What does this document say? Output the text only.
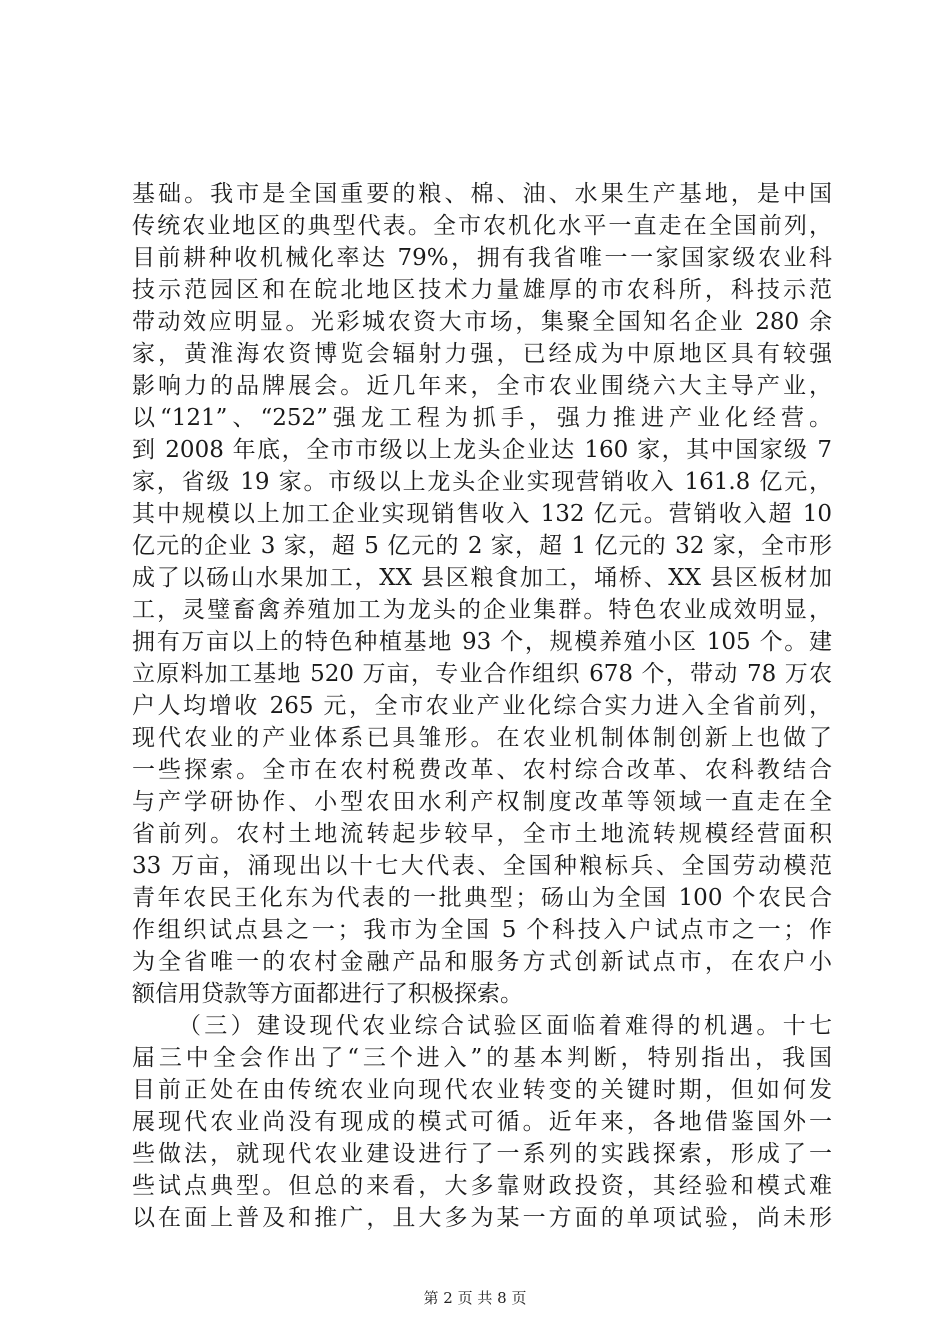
基础。我市是全国重要的粮、棉、油、水果生产基地，是中国
传统农业地区的典型代表。全市农机化水平一直走在全国前列，
目前耕种收机械化率达 79%，拥有我省唯一一家国家级农业科
技示范园区和在皖北地区技术力量雄厚的市农科所，科技示范
带动效应明显。光彩城农资大市场，集聚全国知名企业 280 余
家，黄淮海农资博览会辐射力强，已经成为中原地区具有较强
影响力的品牌展会。近几年来，全市农业围绕六大主导产业，
以“121”、“252”强龙工程为抓手，强力推进产业化经营。
到 2008 年底，全市市级以上龙头企业达 160 家，其中国家级 7
家，省级 19 家。市级以上龙头企业实现营销收入 161.8 亿元，
其中规模以上加工企业实现销售收入 132 亿元。营销收入超 10
亿元的企业 3 家，超 5 亿元的 2 家，超 1 亿元的 32 家，全市形
成了以砀山水果加工，XX 县区粮食加工，埇桥、XX 县区板材加
工，灵璧畜禽养殖加工为龙头的企业集群。特色农业成效明显，
拥有万亩以上的特色种植基地 93 个，规模养殖小区 105 个。建
立原料加工基地 520 万亩，专业合作组织 678 个，带动 78 万农
户人均增收 265 元，全市农业产业化综合实力进入全省前列，
现代农业的产业体系已具雏形。在农业机制体制创新上也做了
一些探索。全市在农村税费改革、农村综合改革、农科教结合
与产学研协作、小型农田水利产权制度改革等领域一直走在全
省前列。农村土地流转起步较早，全市土地流转规模经营面积
33 万亩，涌现出以十七大代表、全国种粮标兵、全国劳动模范
青年农民王化东为代表的一批典型；砀山为全国 100 个农民合
作组织试点县之一；我市为全国 5 个科技入户试点市之一；作
为全省唯一的农村金融产品和服务方式创新试点市，在农户小
额信用贷款等方面都进行了积极探索。
（三）建设现代农业综合试验区面临着难得的机遇。十七
届三中全会作出了“三个进入”的基本判断，特别指出，我国
目前正处在由传统农业向现代农业转变的关键时期，但如何发
展现代农业尚没有现成的模式可循。近年来，各地借鉴国外一
些做法，就现代农业建设进行了一系列的实践探索，形成了一
些试点典型。但总的来看，大多靠财政投资，其经验和模式难
以在面上普及和推广，且大多为某一方面的单项试验，尚未形
第 2 页 共 8 页
